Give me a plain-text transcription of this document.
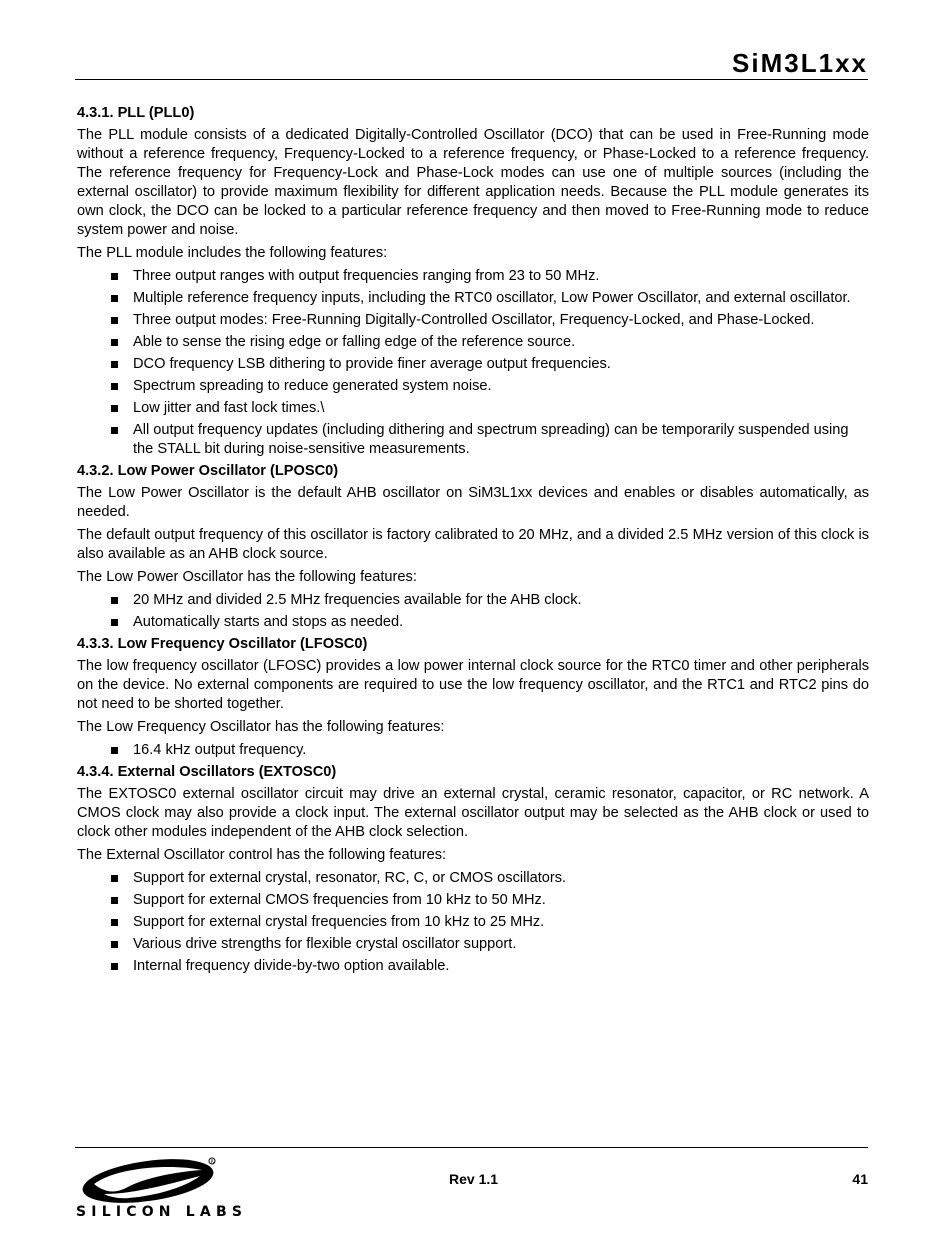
SiM3L1xx
4.3.1. PLL (PLL0)

The PLL module consists of a dedicated Digitally-Controlled Oscillator (DCO) that can be used in Free-Running mode without a reference frequency, Frequency-Locked to a reference frequency, or Phase-Locked to a reference frequency. The reference frequency for Frequency-Lock and Phase-Lock modes can use one of multiple sources (including the external oscillator) to provide maximum flexibility for different application needs. Because the PLL module generates its own clock, the DCO can be locked to a particular reference frequency and then moved to Free-Running mode to reduce system power and noise.

The PLL module includes the following features:

Three output ranges with output frequencies ranging from 23 to 50 MHz.
Multiple reference frequency inputs, including the RTC0 oscillator, Low Power Oscillator, and external oscillator.
Three output modes: Free-Running Digitally-Controlled Oscillator, Frequency-Locked, and Phase-Locked.
Able to sense the rising edge or falling edge of the reference source.
DCO frequency LSB dithering to provide finer average output frequencies.
Spectrum spreading to reduce generated system noise.
Low jitter and fast lock times.\
All output frequency updates (including dithering and spectrum spreading) can be temporarily suspended using the STALL bit during noise-sensitive measurements.
4.3.2. Low Power Oscillator (LPOSC0)

The Low Power Oscillator is the default AHB oscillator on SiM3L1xx devices and enables or disables automatically, as needed.

The default output frequency of this oscillator is factory calibrated to 20 MHz, and a divided 2.5 MHz version of this clock is also available as an AHB clock source.

The Low Power Oscillator has the following features:

20 MHz and divided 2.5 MHz frequencies available for the AHB clock.
Automatically starts and stops as needed.
4.3.3. Low Frequency Oscillator (LFOSC0)

The low frequency oscillator (LFOSC) provides a low power internal clock source for the RTC0 timer and other peripherals on the device. No external components are required to use the low frequency oscillator, and the RTC1 and RTC2 pins do not need to be shorted together.

The Low Frequency Oscillator has the following features:

16.4 kHz output frequency.
4.3.4. External Oscillators (EXTOSC0)

The EXTOSC0 external oscillator circuit may drive an external crystal, ceramic resonator, capacitor, or RC network. A CMOS clock may also provide a clock input. The external oscillator output may be selected as the AHB clock or used to clock other modules independent of the AHB clock selection.

The External Oscillator control has the following features:

Support for external crystal, resonator, RC, C, or CMOS oscillators.
Support for external CMOS frequencies from 10 kHz to 50 MHz.
Support for external crystal frequencies from 10 kHz to 25 MHz.
Various drive strengths for flexible crystal oscillator support.
Internal frequency divide-by-two option available.
R
SILICON LABS
Rev 1.1	41
